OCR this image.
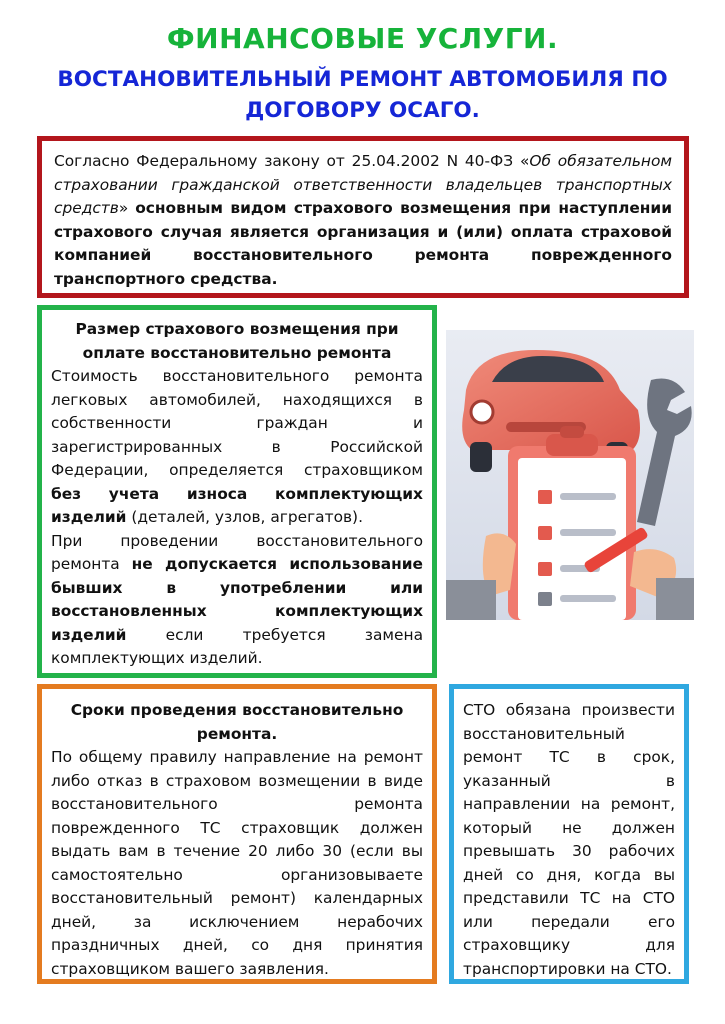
ФИНАНСОВЫЕ УСЛУГИ.
ВОСТАНОВИТЕЛЬНЫЙ РЕМОНТ АВТОМОБИЛЯ ПО ДОГОВОРУ ОСАГО.

Согласно Федеральному закону от 25.04.2002 N 40-ФЗ «Об обязательном страховании гражданской ответственности владельцев транспортных средств» основным видом страхового возмещения при наступлении страхового случая является организация и (или) оплата страховой компанией восстановительного ремонта поврежденного транспортного средства.

Размер страхового возмещения при оплате восстановительно ремонта

Стоимость восстановительного ремонта легковых автомобилей, находящихся в собственности граждан и зарегистрированных в Российской Федерации, определяется страховщиком без учета износа комплектующих изделий (деталей, узлов, агрегатов).

При проведении восстановительного ремонта не допускается использование бывших в употреблении или восстановленных комплектующих изделий если требуется замена комплектующих изделий.

Сроки проведения восстановительно ремонта.

По общему правилу направление на ремонт либо отказ в страховом возмещении в виде восстановительного ремонта поврежденного ТС страховщик должен выдать вам в течение 20 либо 30 (если вы самостоятельно организовываете восстановительный ремонт) календарных дней, за исключением нерабочих праздничных дней, со дня принятия страховщиком вашего заявления.

СТО обязана произвести восстановительный ремонт ТС в срок, указанный в направлении на ремонт, который не должен превышать 30 рабочих дней со дня, когда вы представили ТС на СТО или передали его страховщику для транспортировки на СТО.
